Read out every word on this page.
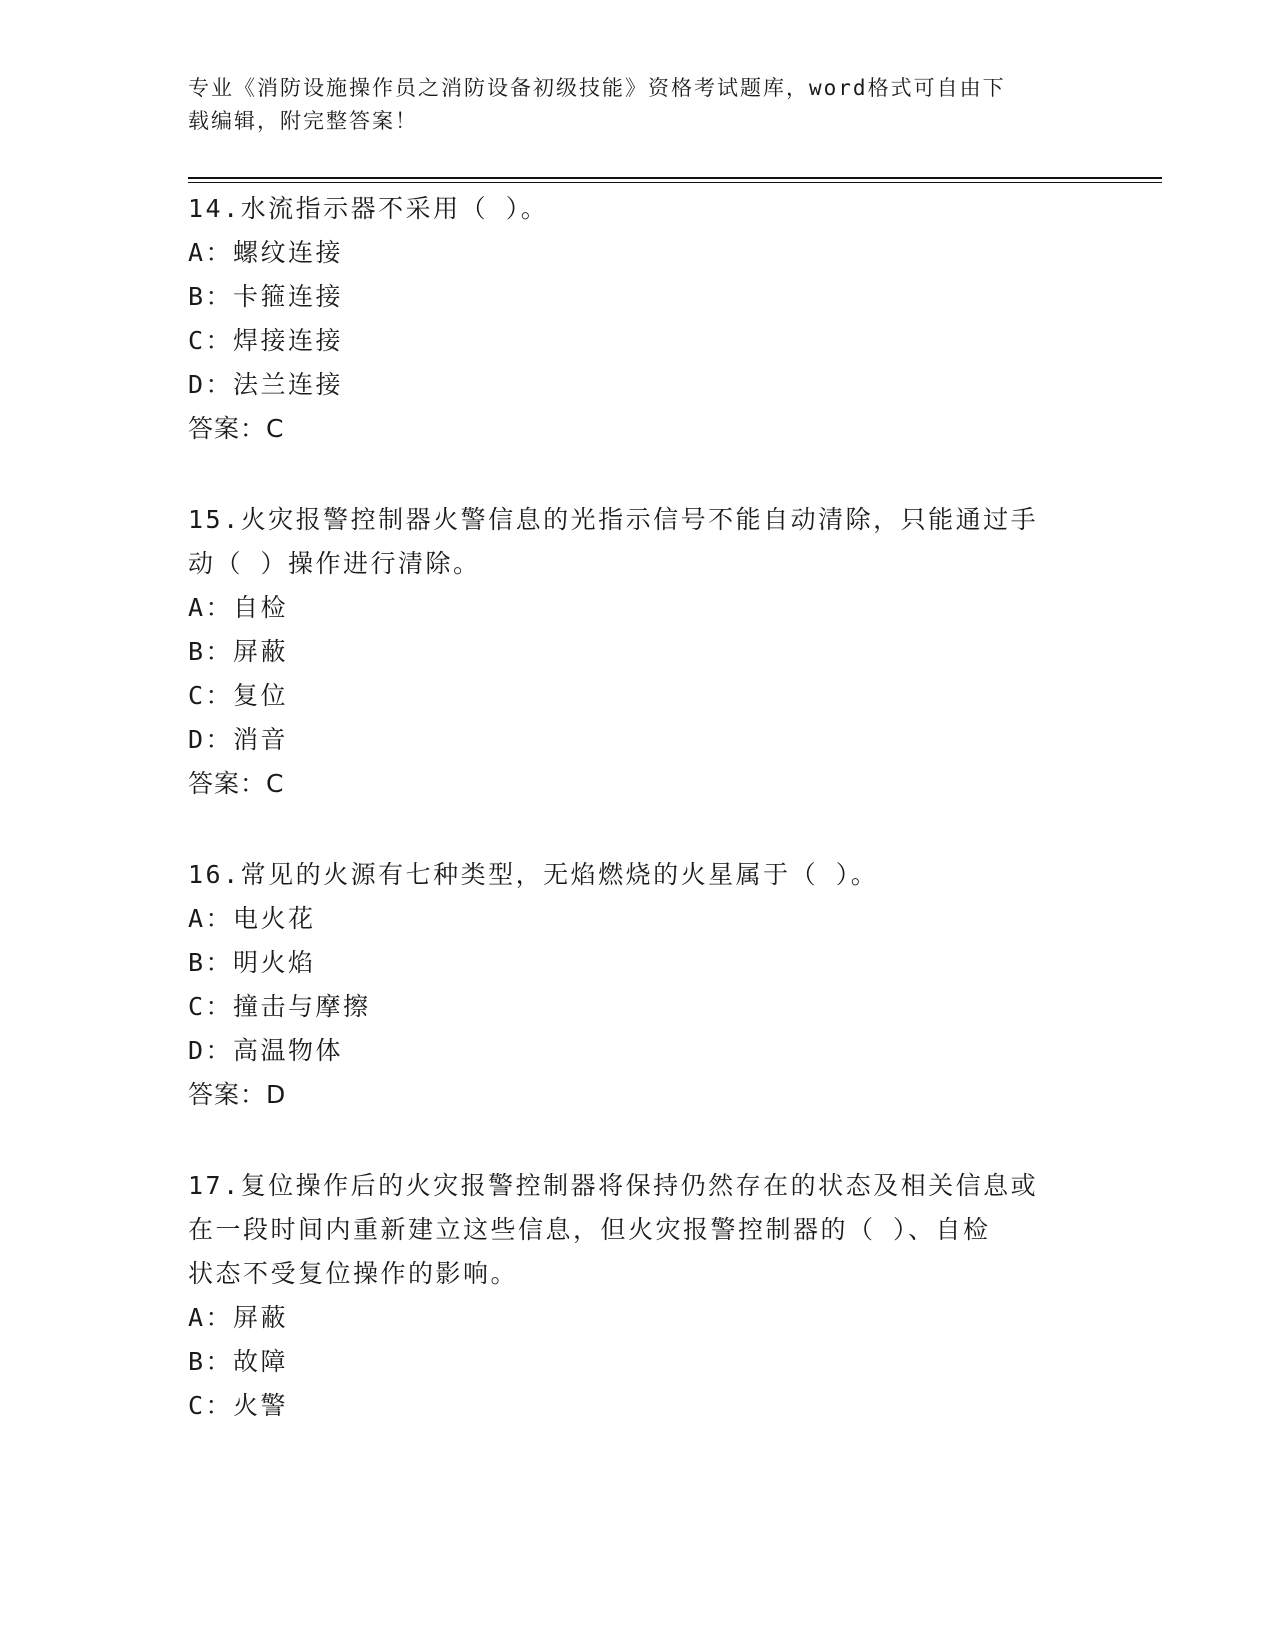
专业《消防设施操作员之消防设备初级技能》资格考试题库，word格式可自由下
载编辑，附完整答案！
14.水流指示器不采用（ ）。
A：螺纹连接
B：卡箍连接
C：焊接连接
D：法兰连接
答案：C
15.火灾报警控制器火警信息的光指示信号不能自动清除，只能通过手
动（ ）操作进行清除。
A：自检
B：屏蔽
C：复位
D：消音
答案：C
16.常见的火源有七种类型，无焰燃烧的火星属于（ ）。
A：电火花
B：明火焰
C：撞击与摩擦
D：高温物体
答案：D
17.复位操作后的火灾报警控制器将保持仍然存在的状态及相关信息或
在一段时间内重新建立这些信息，但火灾报警控制器的（ ）、自检
状态不受复位操作的影响。
A：屏蔽
B：故障
C：火警
